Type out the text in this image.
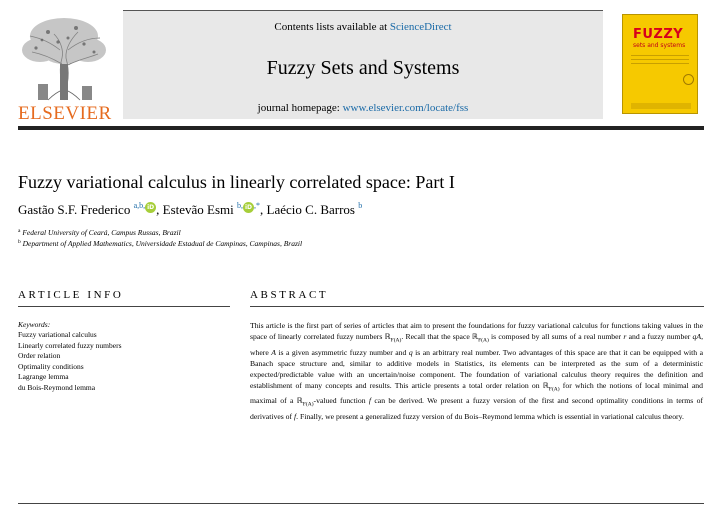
ELSEVIER
Contents lists available at ScienceDirect
Fuzzy Sets and Systems
journal homepage: www.elsevier.com/locate/fss
FUZZY
sets and systems
Fuzzy variational calculus in linearly correlated space: Part I
Gastão S.F. Frederico $^{a,b,}$ iD , Estevão Esmi $^{b,}$ iD ,*, Laécio C. Barros $^b$
$^a$ Federal University of Ceará, Campus Russas, Brazil
$^b$ Department of Applied Mathematics, Universidade Estadual de Campinas, Campinas, Brazil
ARTICLE INFO
Keywords:
Fuzzy variational calculus
Linearly correlated fuzzy numbers
Order relation
Optimality conditions
Lagrange lemma
du Bois-Reymond lemma
ABSTRACT

This article is the first part of series of articles that aim to present the foundations for fuzzy variational calculus for functions taking values in the space of linearly correlated fuzzy numbers ℝ$_{F(A)}$. Recall that the space ℝ$_{F(A)}$ is composed by all sums of a real number r and a fuzzy number qA, where A is a given asymmetric fuzzy number and q is an arbitrary real number. Two advantages of this space are that it can be equipped with a Banach space structure and, similar to additive models in Statistics, its elements can be interpreted as the sum of a deterministic expected/predictable value with an uncertain/noise component. The foundation of variational calculus theory requires the definition and establishment of many concepts and results. This article presents a total order relation on ℝ$_{F(A)}$ for which the notions of local minimal and maximal of a ℝ$_{F(A)}$-valued function f can be derived. We present a fuzzy version of the first and second optimality conditions in terms of derivatives of f. Finally, we present a generalized fuzzy version of du Bois–Reymond lemma which is essential in variational calculus theory.
